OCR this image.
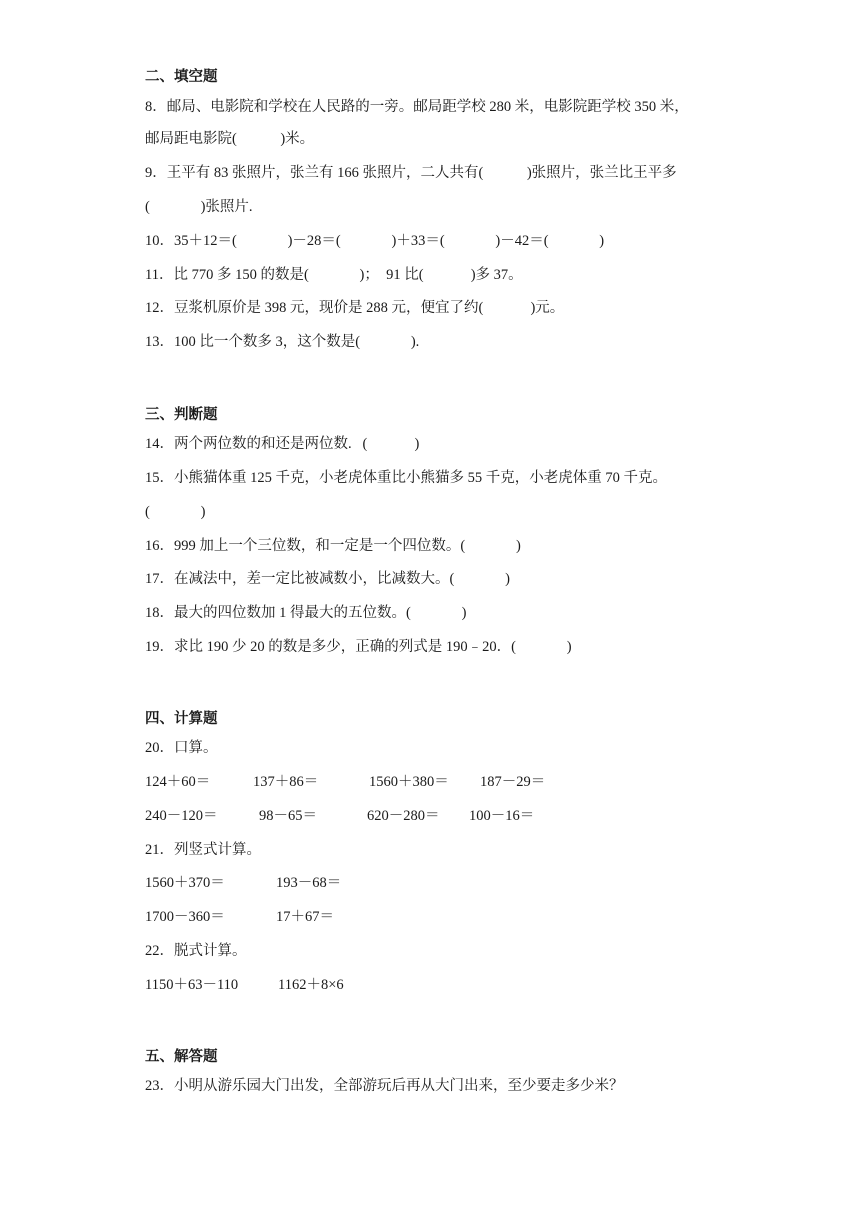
二、填空题
8．邮局、电影院和学校在人民路的一旁。邮局距学校 280 米，电影院距学校 350 米，
邮局距电影院(            )米。
9．王平有 83 张照片，张兰有 166 张照片，二人共有(            )张照片，张兰比王平多
(              )张照片.
10．35＋12＝(              )－28＝(              )＋33＝(              )－42＝(              )
11．比 770 多 150 的数是(              )；  91 比(             )多 37。
12．豆浆机原价是 398 元，现价是 288 元，便宜了约(             )元。
13．100 比一个数多 3，这个数是(              ).
三、判断题
14．两个两位数的和还是两位数.   (             )
15．小熊猫体重 125 千克，小老虎体重比小熊猫多 55 千克，小老虎体重 70 千克。
(              )
16．999 加上一个三位数，和一定是一个四位数。(              )
17．在减法中，差一定比被减数小，比减数大。(              )
18．最大的四位数加 1 得最大的五位数。(              )
19．求比 190 少 20 的数是多少，正确的列式是 190﹣20．(              )
四、计算题
20．口算。
124＋60＝	137＋86＝	1560＋380＝ 187－29＝
240－120＝	98－65＝	620－280＝ 100－16＝
21．列竖式计算。
1560＋370＝	193－68＝
1700－360＝	17＋67＝
22．脱式计算。
1150＋63－110	1162＋8×6
五、解答题
23．小明从游乐园大门出发，全部游玩后再从大门出来，至少要走多少米？
